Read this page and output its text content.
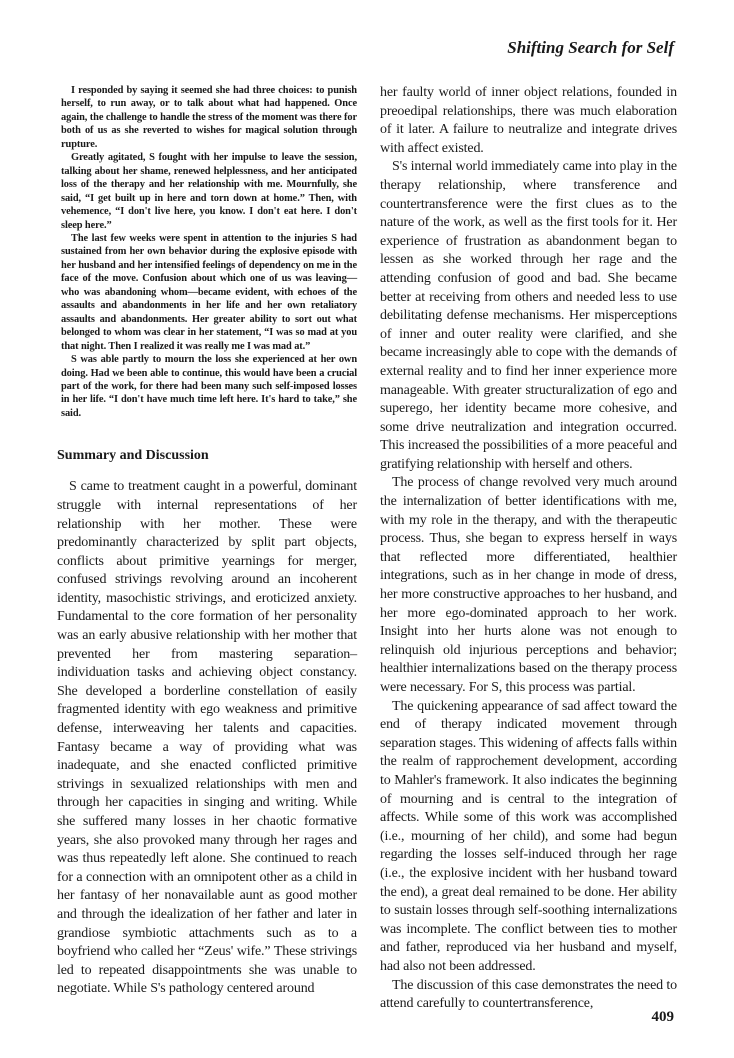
Shifting Search for Self

I responded by saying it seemed she had three choices: to punish herself, to run away, or to talk about what had happened. Once again, the challenge to handle the stress of the moment was there for both of us as she reverted to wishes for magical solution through rupture.

Greatly agitated, S fought with her impulse to leave the session, talking about her shame, renewed helplessness, and her anticipated loss of the therapy and her relationship with me. Mournfully, she said, “I get built up in here and torn down at home.” Then, with vehemence, “I don't live here, you know. I don't eat here. I don't sleep here.”

The last few weeks were spent in attention to the injuries S had sustained from her own behavior during the explosive episode with her husband and her intensified feelings of dependency on me in the face of the move. Confusion about which one of us was leaving—who was abandoning whom—became evident, with echoes of the assaults and abandonments in her life and her own retaliatory assaults and abandonments. Her greater ability to sort out what belonged to whom was clear in her statement, “I was so mad at you that night. Then I realized it was really me I was mad at.”

S was able partly to mourn the loss she experienced at her own doing. Had we been able to continue, this would have been a crucial part of the work, for there had been many such self-imposed losses in her life. “I don't have much time left here. It's hard to take,” she said.

Summary and Discussion

S came to treatment caught in a powerful, dominant struggle with internal representations of her relationship with her mother. These were predominantly characterized by split part objects, conflicts about primitive yearnings for merger, confused strivings revolving around an incoherent identity, masochistic strivings, and eroticized anxiety. Fundamental to the core formation of her personality was an early abusive relationship with her mother that prevented her from mastering separation–individuation tasks and achieving object constancy. She developed a borderline constellation of easily fragmented identity with ego weakness and primitive defense, interweaving her talents and capacities. Fantasy became a way of providing what was inadequate, and she enacted conflicted primitive strivings in sexualized relationships with men and through her capacities in singing and writing. While she suffered many losses in her chaotic formative years, she also provoked many through her rages and was thus repeatedly left alone. She continued to reach for a connection with an omnipotent other as a child in her fantasy of her nonavailable aunt as good mother and through the idealization of her father and later in grandiose symbiotic attachments such as to a boyfriend who called her “Zeus' wife.” These strivings led to repeated disappointments she was unable to negotiate. While S's pathology centered around

her faulty world of inner object relations, founded in preoedipal relationships, there was much elaboration of it later. A failure to neutralize and integrate drives with affect existed.

S's internal world immediately came into play in the therapy relationship, where transference and countertransference were the first clues as to the nature of the work, as well as the first tools for it. Her experience of frustration as abandonment began to lessen as she worked through her rage and the attending confusion of good and bad. She became better at receiving from others and needed less to use debilitating defense mechanisms. Her misperceptions of inner and outer reality were clarified, and she became increasingly able to cope with the demands of external reality and to find her inner experience more manageable. With greater structuralization of ego and superego, her identity became more cohesive, and some drive neutralization and integration occurred. This increased the possibilities of a more peaceful and gratifying relationship with herself and others.

The process of change revolved very much around the internalization of better identifications with me, with my role in the therapy, and with the therapeutic process. Thus, she began to express herself in ways that reflected more differentiated, healthier integrations, such as in her change in mode of dress, her more constructive approaches to her husband, and her more ego-dominated approach to her work. Insight into her hurts alone was not enough to relinquish old injurious perceptions and behavior; healthier internalizations based on the therapy process were necessary. For S, this process was partial.

The quickening appearance of sad affect toward the end of therapy indicated movement through separation stages. This widening of affects falls within the realm of rapprochement development, according to Mahler's framework. It also indicates the beginning of mourning and is central to the integration of affects. While some of this work was accomplished (i.e., mourning of her child), and some had begun regarding the losses self-induced through her rage (i.e., the explosive incident with her husband toward the end), a great deal remained to be done. Her ability to sustain losses through self-soothing internalizations was incomplete. The conflict between ties to mother and father, reproduced via her husband and myself, had also not been addressed.

The discussion of this case demonstrates the need to attend carefully to countertransference,

409
